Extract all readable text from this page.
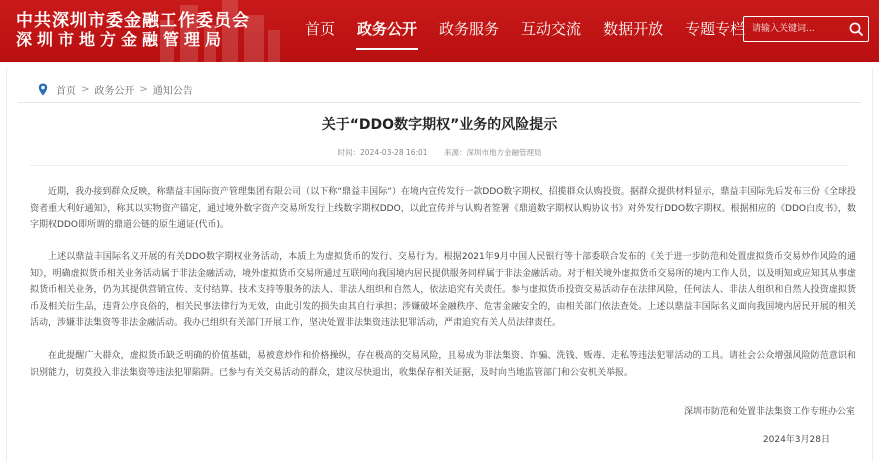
中共深圳市委金融工作委员会
深圳市地方金融管理局
首页	政务公开	政务服务	互动交流	数据开放	专题专栏
请输入关键词...
首页 > 政务公开 > 通知公告
关于“DDO数字期权”业务的风险提示
时间：2024-03-28 16:01 来源：深圳市地方金融管理局

近期，我办接到群众反映，称鼎益丰国际资产管理集团有限公司（以下称“鼎益丰国际”）在境内宣传发行一款DDO数字期权，招揽群众认购投资。据群众提供材料显示，鼎益丰国际先后发布三份《全球投资者重大利好通知》，称其以实物资产锚定，通过境外数字资产交易所发行上线数字期权DDO，以此宣传并与认购者签署《鼎道数字期权认购协议书》对外发行DDO数字期权。根据相应的《DDO白皮书》，数字期权DDO即所谓的鼎道公链的原生通证(代币)。

上述以鼎益丰国际名义开展的有关DDO数字期权业务活动，本质上为虚拟货币的发行、交易行为。根据2021年9月中国人民银行等十部委联合发布的《关于进一步防范和处置虚拟货币交易炒作风险的通知》，明确虚拟货币相关业务活动属于非法金融活动，境外虚拟货币交易所通过互联网向我国境内居民提供服务同样属于非法金融活动。对于相关境外虚拟货币交易所的境内工作人员，以及明知或应知其从事虚拟货币相关业务，仍为其提供营销宣传、支付结算、技术支持等服务的法人、非法人组织和自然人，依法追究有关责任。参与虚拟货币投资交易活动存在法律风险，任何法人、非法人组织和自然人投资虚拟货币及相关衍生品，违背公序良俗的，相关民事法律行为无效，由此引发的损失由其自行承担；涉嫌破坏金融秩序、危害金融安全的，由相关部门依法查处。上述以鼎益丰国际名义面向我国境内居民开展的相关活动，涉嫌非法集资等非法金融活动。我办已组织有关部门开展工作，坚决处置非法集资违法犯罪活动，严肃追究有关人员法律责任。

在此提醒广大群众，虚拟货币缺乏明确的价值基础，易被意炒作和价格操纵，存在极高的交易风险，且易成为非法集资、诈骗、洗钱、贩毒、走私等违法犯罪活动的工具。请社会公众增强风险防范意识和识别能力，切莫投入非法集资等违法犯罪陷阱。已参与有关交易活动的群众，建议尽快退出，收集保存相关证据，及时向当地监管部门和公安机关举报。

深圳市防范和处置非法集资工作专班办公室
2024年3月28日
